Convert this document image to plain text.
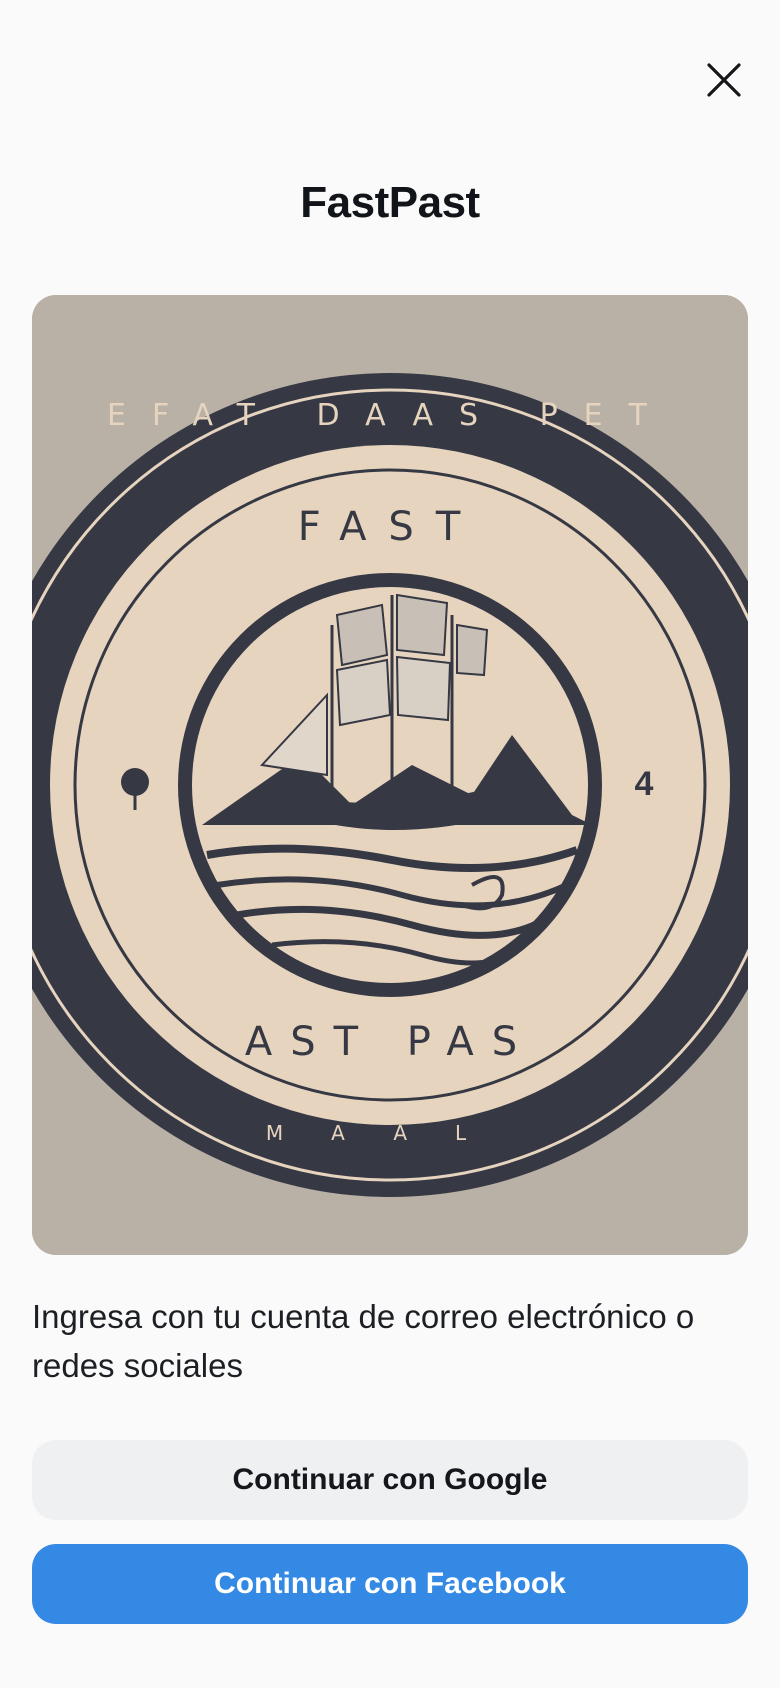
FastPast
4
FAST
AST PAS
EFAT DAAS PET
MAAL
Ingresa con tu cuenta de correo electrónico o redes sociales
Continuar con Google
Continuar con Facebook
